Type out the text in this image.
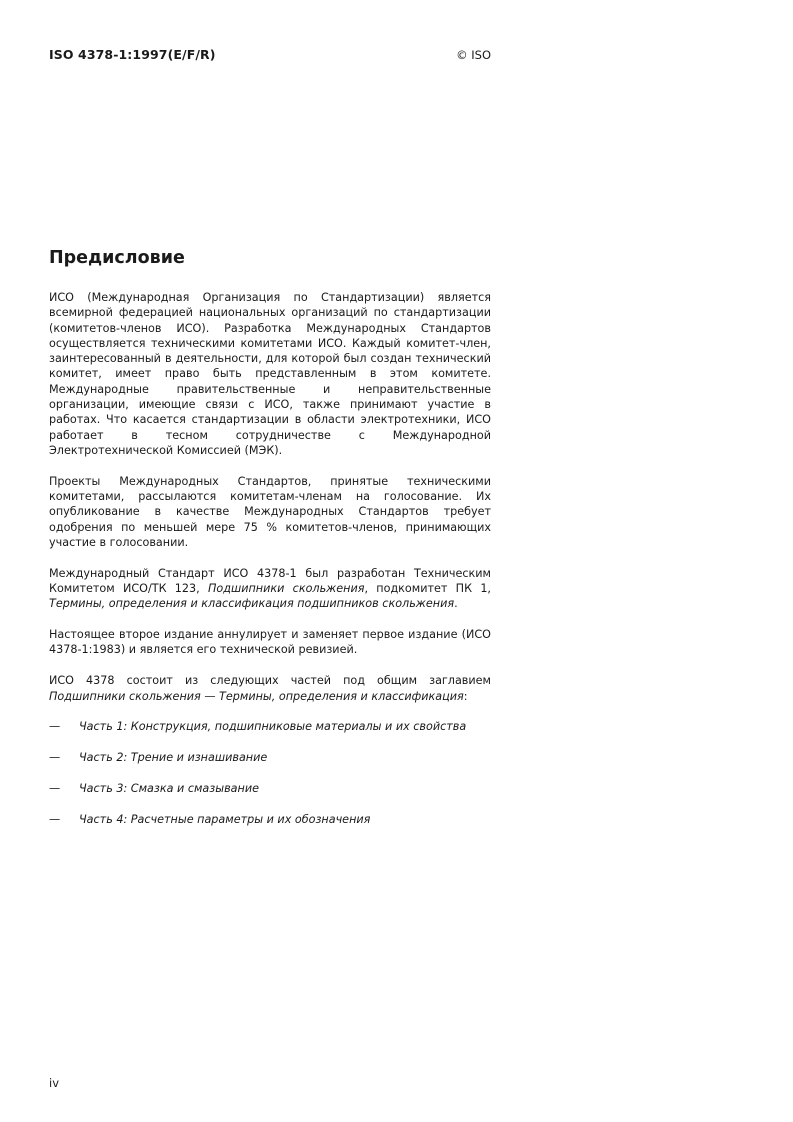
ISO 4378-1:1997(E/F/R)	© ISO
Предисловие

ИСО (Международная Организация по Стандартизации) является всемирной федерацией национальных организаций по стандартизации (комитетов-членов ИСО). Разработка Международных Стандартов осуществляется техническими комитетами ИСО. Каждый комитет-член, заинтересованный в деятельности, для которой был создан технический комитет, имеет право быть представленным в этом комитете. Международные правительственные и неправительственные организации, имеющие связи с ИСО, также принимают участие в работах. Что касается стандартизации в области электротехники, ИСО работает в тесном сотрудничестве с Международной Электротехнической Комиссией (МЭК).

Проекты Международных Стандартов, принятые техническими комитетами, рассылаются комитетам-членам на голосование. Их опубликование в качестве Международных Стандартов требует одобрения по меньшей мере 75 % комитетов-членов, принимающих участие в голосовании.

Международный Стандарт ИСО 4378-1 был разработан Техническим Комитетом ИСО/ТК 123, Подшипники скольжения, подкомитет ПК 1, Термины, определения и классификация подшипников скольжения.

Настоящее второе издание аннулирует и заменяет первое издание (ИСО 4378-1:1983) и является его технической ревизией.

ИСО 4378 состоит из следующих частей под общим заглавием Подшипники скольжения — Термины, определения и классификация:

— Часть 1: Конструкция, подшипниковые материалы и их свойства
— Часть 2: Трение и изнашивание
— Часть 3: Смазка и смазывание
— Часть 4: Расчетные параметры и их обозначения
iv
